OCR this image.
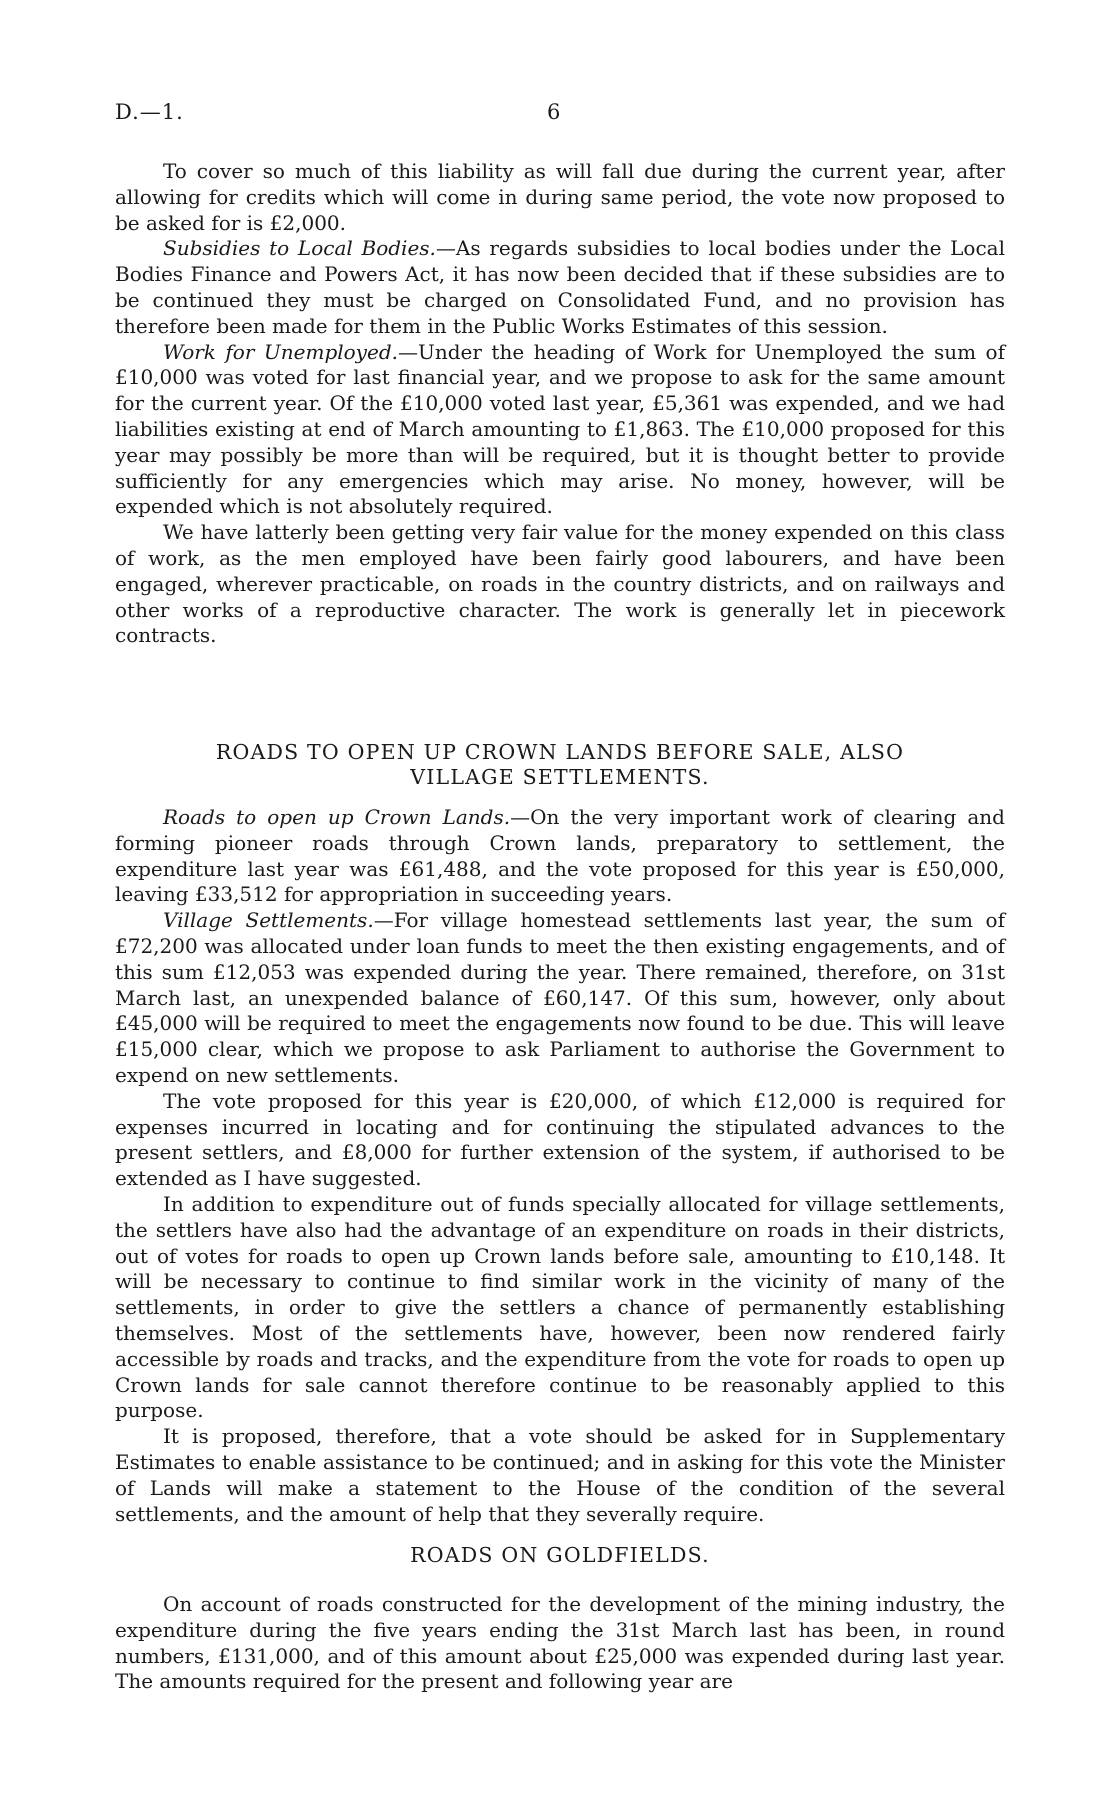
D.—1.	6

To cover so much of this liability as will fall due during the current year, after allowing for credits which will come in during same period, the vote now proposed to be asked for is £2,000.

Subsidies to Local Bodies.—As regards subsidies to local bodies under the Local Bodies Finance and Powers Act, it has now been decided that if these subsidies are to be continued they must be charged on Consolidated Fund, and no provision has therefore been made for them in the Public Works Estimates of this session.

Work for Unemployed.—Under the heading of Work for Unemployed the sum of £10,000 was voted for last financial year, and we propose to ask for the same amount for the current year. Of the £10,000 voted last year, £5,361 was expended, and we had liabilities existing at end of March amounting to £1,863. The £10,000 proposed for this year may possibly be more than will be required, but it is thought better to provide sufficiently for any emergencies which may arise. No money, however, will be expended which is not absolutely required.

We have latterly been getting very fair value for the money expended on this class of work, as the men employed have been fairly good labourers, and have been engaged, wherever practicable, on roads in the country districts, and on railways and other works of a reproductive character. The work is generally let in piecework contracts.

ROADS TO OPEN UP CROWN LANDS BEFORE SALE, ALSO
VILLAGE SETTLEMENTS.

Roads to open up Crown Lands.—On the very important work of clearing and forming pioneer roads through Crown lands, preparatory to settlement, the expenditure last year was £61,488, and the vote proposed for this year is £50,000, leaving £33,512 for appropriation in succeeding years.

Village Settlements.—For village homestead settlements last year, the sum of £72,200 was allocated under loan funds to meet the then existing engagements, and of this sum £12,053 was expended during the year. There remained, therefore, on 31st March last, an unexpended balance of £60,147. Of this sum, however, only about £45,000 will be required to meet the engagements now found to be due. This will leave £15,000 clear, which we propose to ask Parliament to authorise the Government to expend on new settlements.

The vote proposed for this year is £20,000, of which £12,000 is required for expenses incurred in locating and for continuing the stipulated advances to the present settlers, and £8,000 for further extension of the system, if authorised to be extended as I have suggested.

In addition to expenditure out of funds specially allocated for village settlements, the settlers have also had the advantage of an expenditure on roads in their districts, out of votes for roads to open up Crown lands before sale, amounting to £10,148. It will be necessary to continue to find similar work in the vicinity of many of the settlements, in order to give the settlers a chance of permanently establishing themselves. Most of the settlements have, however, been now rendered fairly accessible by roads and tracks, and the expenditure from the vote for roads to open up Crown lands for sale cannot therefore continue to be reasonably applied to this purpose.

It is proposed, therefore, that a vote should be asked for in Supplementary Estimates to enable assistance to be continued; and in asking for this vote the Minister of Lands will make a statement to the House of the condition of the several settlements, and the amount of help that they severally require.

ROADS ON GOLDFIELDS.

On account of roads constructed for the development of the mining industry, the expenditure during the five years ending the 31st March last has been, in round numbers, £131,000, and of this amount about £25,000 was expended during last year. The amounts required for the present and following year are
